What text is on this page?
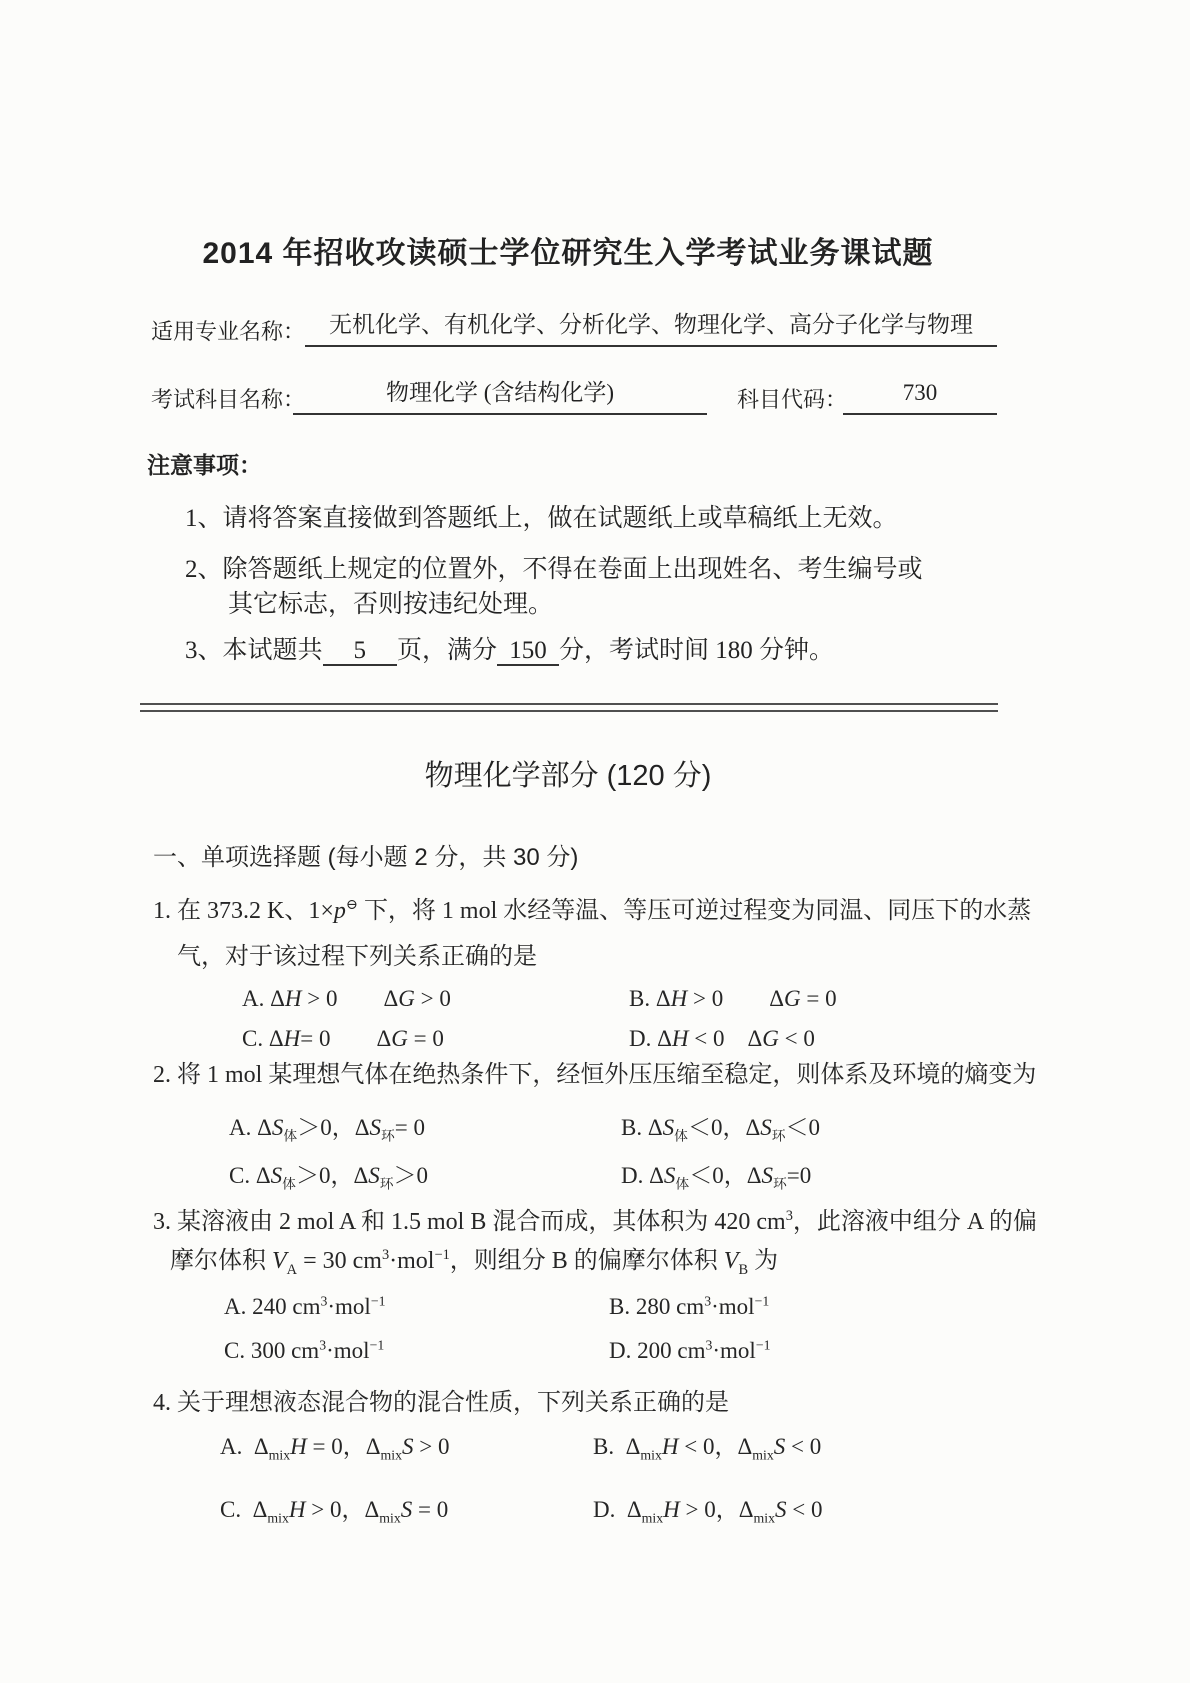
2014 年招收攻读硕士学位研究生入学考试业务课试题
适用专业名称：	无机化学、有机化学、分析化学、物理化学、高分子化学与物理
考试科目名称：	物理化学 (含结构化学)	科目代码：	730
注意事项：
1、请将答案直接做到答题纸上，做在试题纸上或草稿纸上无效。
2、除答题纸上规定的位置外，不得在卷面上出现姓名、考生编号或
其它标志，否则按违纪处理。
3、本试题共　5　页，满分 150 分，考试时间 180 分钟。
物理化学部分 (120 分)
一、单项选择题 (每小题 2 分，共 30 分)
1. 在 373.2 K、1×p⊖ 下，将 1 mol 水经等温、等压可逆过程变为同温、同压下的水蒸
气，对于该过程下列关系正确的是
A. ΔH > 0　　ΔG > 0	B. ΔH > 0　　ΔG = 0
C. ΔH= 0　　ΔG = 0	D. ΔH < 0　ΔG < 0
2. 将 1 mol 某理想气体在绝热条件下，经恒外压压缩至稳定，则体系及环境的熵变为
A. $\Delta S_体>0$，$\Delta S_环= 0$	B. $\Delta S_体<0$，$\Delta S_环<0$
C. $\Delta S_体>0$，$\Delta S_环>0$	D. $\Delta S_体<0$，$\Delta S_环=0$
3. 某溶液由 2 mol A 和 1.5 mol B 混合而成，其体积为 420 $cm^3$，此溶液中组分 A 的偏
摩尔体积 $V_A = 30$ $cm^3\cdot mol^{-1}$，则组分 B 的偏摩尔体积 $V_B$ 为
A. 240 $cm^3\cdot mol^{-1}$	B. 280 $cm^3\cdot mol^{-1}$
C. 300 $cm^3\cdot mol^{-1}$	D. 200 $cm^3\cdot mol^{-1}$
4. 关于理想液态混合物的混合性质，下列关系正确的是
A.  $\Delta_{mix}H = 0$，$\Delta_{mix}S > 0$	B.  $\Delta_{mix}H < 0$，$\Delta_{mix}S < 0$
C.  $\Delta_{mix}H > 0$，$\Delta_{mix}S = 0$	D.  $\Delta_{mix}H > 0$，$\Delta_{mix}S < 0$
